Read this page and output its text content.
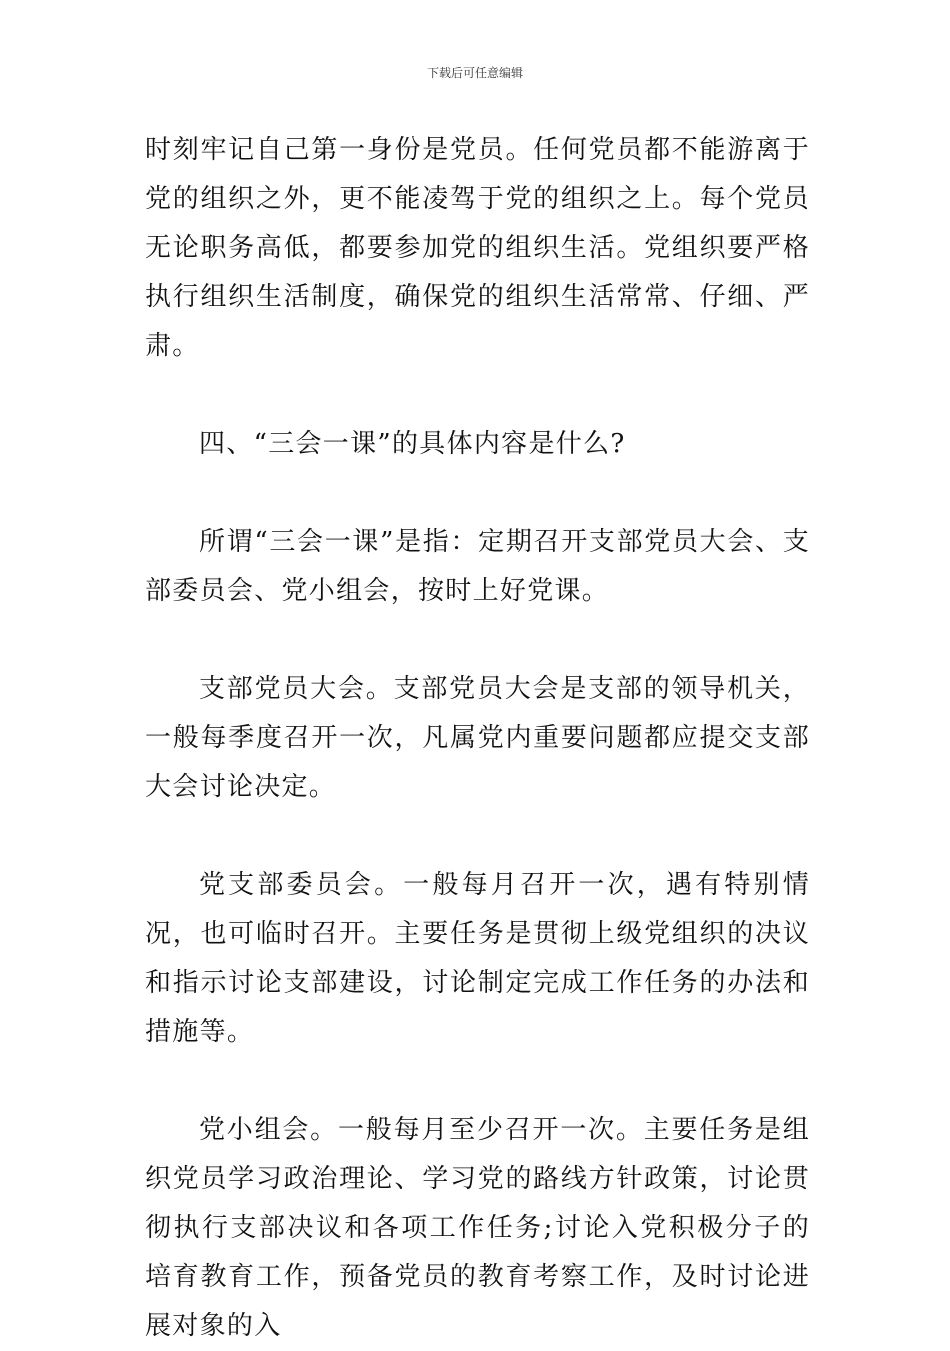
下载后可任意编辑

时刻牢记自己第一身份是党员。任何党员都不能游离于党的组织之外，更不能凌驾于党的组织之上。每个党员无论职务高低，都要参加党的组织生活。党组织要严格执行组织生活制度，确保党的组织生活常常、仔细、严肃。

四、“三会一课”的具体内容是什么?

所谓“三会一课”是指：定期召开支部党员大会、支部委员会、党小组会，按时上好党课。

支部党员大会。支部党员大会是支部的领导机关，一般每季度召开一次，凡属党内重要问题都应提交支部大会讨论决定。

党支部委员会。一般每月召开一次，遇有特别情况，也可临时召开。主要任务是贯彻上级党组织的决议和指示讨论支部建设，讨论制定完成工作任务的办法和措施等。

党小组会。一般每月至少召开一次。主要任务是组织党员学习政治理论、学习党的路线方针政策，讨论贯彻执行支部决议和各项工作任务;讨论入党积极分子的培育教育工作，预备党员的教育考察工作，及时讨论进展对象的入
